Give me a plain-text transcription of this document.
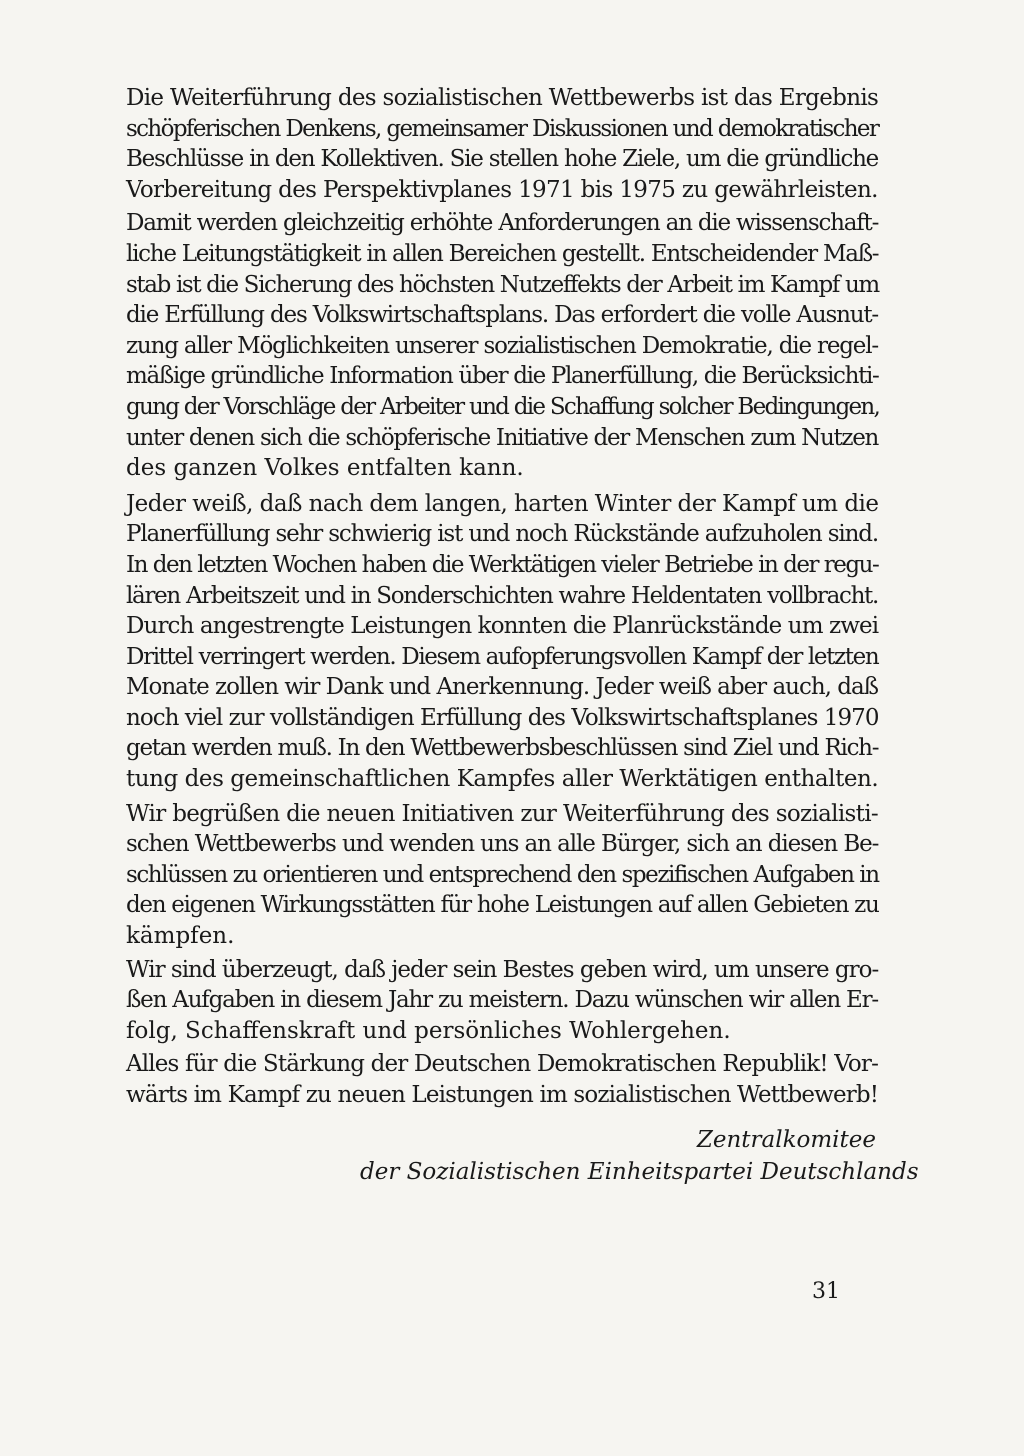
Die Weiterführung des sozialistischen Wettbewerbs ist das Ergebnis
schöpferischen Denkens, gemeinsamer Diskussionen und demokratischer
Beschlüsse in den Kollektiven. Sie stellen hohe Ziele, um die gründliche
Vorbereitung des Perspektivplanes 1971 bis 1975 zu gewährleisten.
Damit werden gleichzeitig erhöhte Anforderungen an die wissenschaft-
liche Leitungstätigkeit in allen Bereichen gestellt. Entscheidender Maß-
stab ist die Sicherung des höchsten Nutzeffekts der Arbeit im Kampf um
die Erfüllung des Volkswirtschaftsplans. Das erfordert die volle Ausnut-
zung aller Möglichkeiten unserer sozialistischen Demokratie, die regel-
mäßige gründliche Information über die Planerfüllung, die Berücksichti-
gung der Vorschläge der Arbeiter und die Schaffung solcher Bedingungen,
unter denen sich die schöpferische Initiative der Menschen zum Nutzen
des ganzen Volkes entfalten kann.
Jeder weiß, daß nach dem langen, harten Winter der Kampf um die
Planerfüllung sehr schwierig ist und noch Rückstände aufzuholen sind.
In den letzten Wochen haben die Werktätigen vieler Betriebe in der regu-
lären Arbeitszeit und in Sonderschichten wahre Heldentaten vollbracht.
Durch angestrengte Leistungen konnten die Planrückstände um zwei
Drittel verringert werden. Diesem aufopferungsvollen Kampf der letzten
Monate zollen wir Dank und Anerkennung. Jeder weiß aber auch, daß
noch viel zur vollständigen Erfüllung des Volkswirtschaftsplanes 1970
getan werden muß. In den Wettbewerbsbeschlüssen sind Ziel und Rich-
tung des gemeinschaftlichen Kampfes aller Werktätigen enthalten.
Wir begrüßen die neuen Initiativen zur Weiterführung des sozialisti-
schen Wettbewerbs und wenden uns an alle Bürger, sich an diesen Be-
schlüssen zu orientieren und entsprechend den spezifischen Aufgaben in
den eigenen Wirkungsstätten für hohe Leistungen auf allen Gebieten zu
kämpfen.
Wir sind überzeugt, daß jeder sein Bestes geben wird, um unsere gro-
ßen Aufgaben in diesem Jahr zu meistern. Dazu wünschen wir allen Er-
folg, Schaffenskraft und persönliches Wohlergehen.
Alles für die Stärkung der Deutschen Demokratischen Republik! Vor-
wärts im Kampf zu neuen Leistungen im sozialistischen Wettbewerb!
Zentralkomitee
der Sozialistischen Einheitspartei Deutschlands
31
